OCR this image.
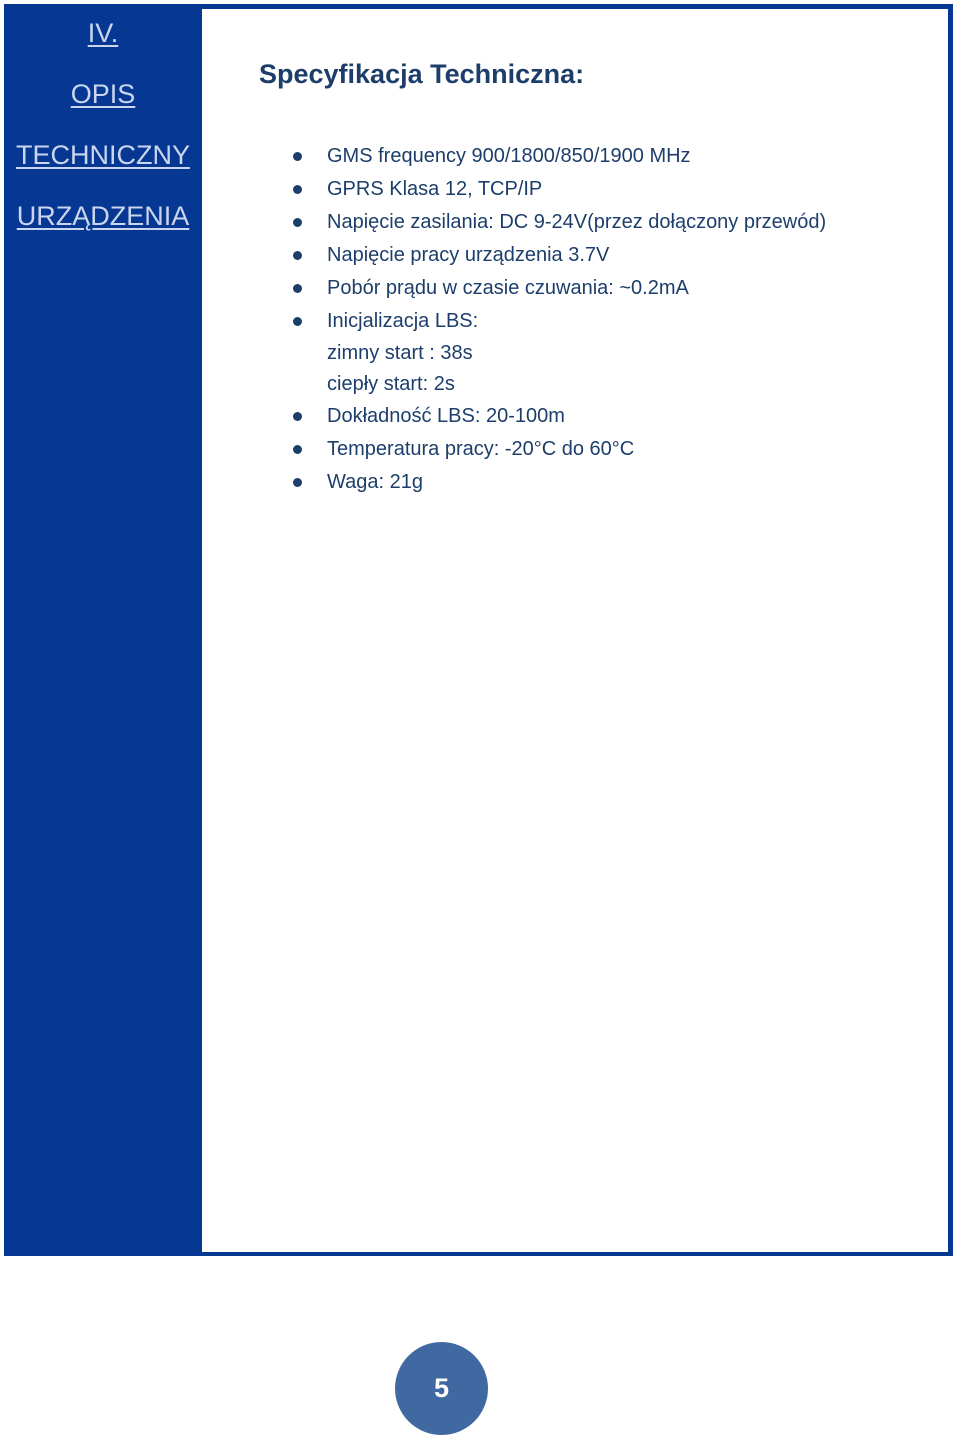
IV.
OPIS
TECHNICZNY
URZĄDZENIA
Specyfikacja Techniczna:
GMS frequency 900/1800/850/1900 MHz
GPRS Klasa 12, TCP/IP
Napięcie zasilania: DC 9-24V(przez dołączony przewód)
Napięcie pracy urządzenia 3.7V
Pobór prądu w czasie czuwania: ~0.2mA
Inicjalizacja LBS:
zimny start : 38s
ciepły start: 2s
Dokładność LBS: 20-100m
Temperatura pracy: -20°C do 60°C
Waga: 21g
5
